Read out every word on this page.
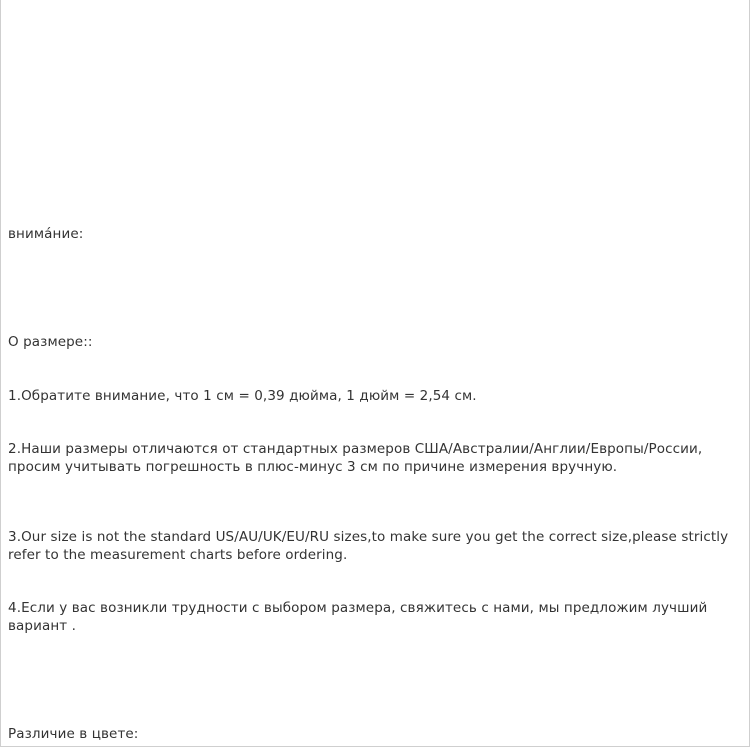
внима́ние:
О размере::
1.Обратите внимание, что 1 см = 0,39 дюйма, 1 дюйм = 2,54 см.
2.Наши размеры отличаются от стандартных размеров США/Австралии/Англии/Европы/России, просим учитывать погрешность в плюс-минус 3 см по причине измерения вручную.
3.Our size is not the standard US/AU/UK/EU/RU sizes,to make sure you get the correct size,please strictly refer to the measurement charts before ordering.
4.Если у вас возникли трудности с выбором размера, свяжитесь с нами, мы предложим лучший вариант .
Различие в цвете:
